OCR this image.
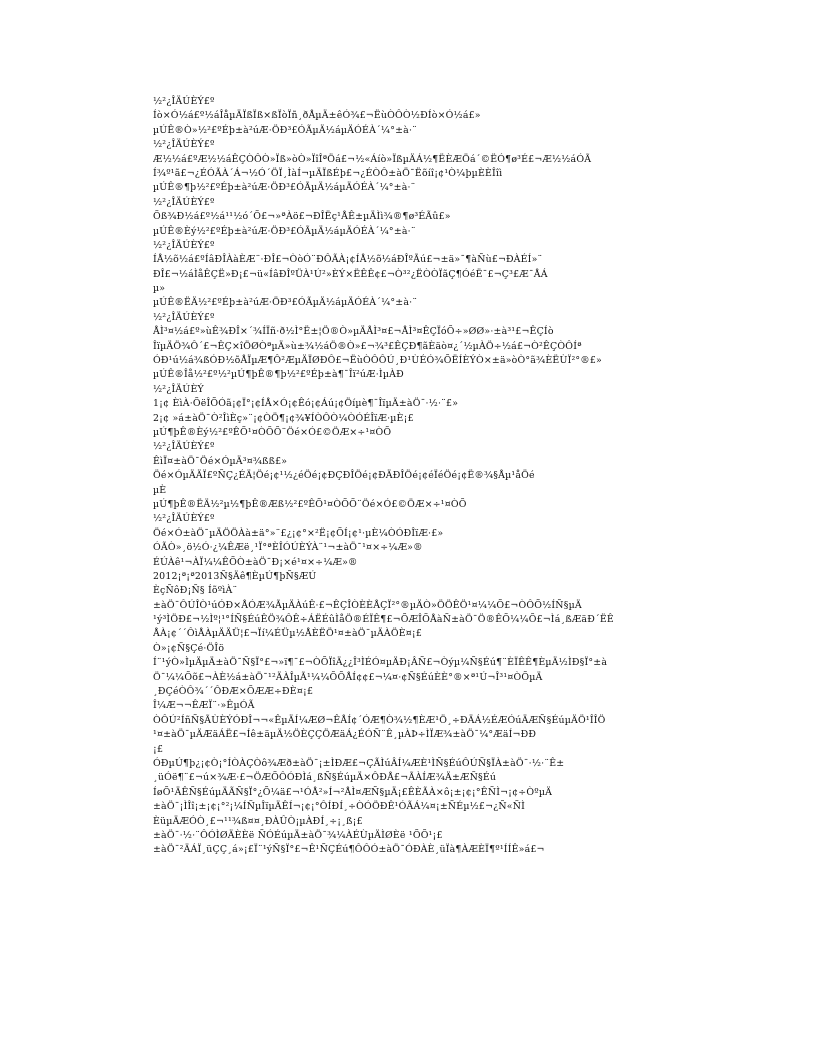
½²¿ÎÄÚÈÝ£º
Íò×Ó½á£º½áÎåµÄÏßÏß×ßÏòÏñ¸ðÅµÄ±êÓ¾£¬ËùÒÔÒ½ÐÍò×Ó½á£»
µÚÊ®Ò»½²£ºÉþ±à²úÆ·ÖÐ³£ÓÃµÄ½áµÄÓÉÀ´¼°±à·¨
½²¿ÎÄÚÈÝ£º
Æ½½á£ºÆ½½áÊÇÒÔÒ»Ïß»òÒ»ÏîÎªÖá£¬½«Áíò»ÏßµÄÁ½¶ËÈÆÖá´©ËÓ¶ø³É£¬Æ½½áÓÃ
Í¾º¹ã£¬¿ÉÓÃÀ´Á¬½Ó´ÖÏ¸ÌàÍ¬µÄÏßÉþ£¬¿ÉÒÔ±àÖ¯Ëõíî¡¢¹Ò¼þµÈÈÎîì
µÚÊ®¶þ½²£ºÉþ±à²úÆ·ÖÐ³£ÓÃµÄ½áµÄÓÉÀ´¼°±à·¨
½²¿ÎÄÚÈÝ£º
Õß¾Ð½á£º½á¹¹½ó´Õ£¬»ªÀö£¬ÐÎËç¹ÅÊ±µÄÌì¾®¶ø³ÉÃû£»
µÚÊ®Èý½²£ºÉþ±à²úÆ·ÖÐ³£ÓÃµÄ½áµÄÓÉÀ´¼°±à·¨
½²¿ÎÄÚÈÝ£º
ÍÅ½õ½á£ºÍâÐÎÀàÈÆ¨·ÐÎ£¬ÒòÓ¨ÐÔÃÀ¡¢ÍÅ½õ½áÐÎºÃú£¬±ä»¯¶àÑù£¬ÐÀÉÍ»¨
ÐÎ£¬½áÌåÊÇË»Ð¡£¬ü«ÍâÐÎºÜÀ¹Ú²»ÈÝ×ËÊÊ¢£¬Ò³²¿ËÒÒÏãÇ¶ÓéË¯£¬Ç³£Æ¯ÅÁ
µ»
µÚÊ®ËÄ½²£ºÉþ±à²úÆ·ÖÐ³£ÓÃµÄ½áµÄÓÉÀ´¼°±à·¨
½²¿ÎÄÚÈÝ£º
ÅÌ³¤½á£º»ùÊ¾ÐÎ×´¾ÍÏñ·ð½Ì°Ë±¦Ö®Ò»µÄÅÌ³¤£¬ÅÌ³¤ÊÇÏóÕ÷»ØØ»·±à³¹£¬ÊÇÍò
ÎïµÄÖ¾Ô´£¬ÊÇ×îÖØÒªµÄ»ù±¾½áÖ®Ò»£¬¾³£ÊÇÐ¶ãÈäò¤¿´½µÀÖ÷½á£¬Ò²ÊÇÒÔÍª
ÓÐ¹ú½á¾ßÓÐ½õÅÏµÆ¶Ô²ÆµÄÏØÐÔ£¬ËùÒÔÔÚ¸Ð¹ÙÉÓ¾ÕËÍÈÝÒ×±ä»òÒ°ã¾ÈËÙÏ²°®£»
µÚÊ®Îå½²£º½²µÚ¶þÊ®¶þ½²£ºÉþ±à¶¯Îï²úÆ·ÌµÀÐ
½²¿ÎÄÚÈÝ
1¡¢ ÈìÀ·ÕëÎÕÓã¡¢Ï°¡¢ÍÅ×Ó¡¢Êó¡¢Áú¡¢Öíµè¶¯ÎïµÄ±àÖ¯·½·¨£»
2¡¢ »á±àÖ¯Ò²ÎìÈç»¨¡¢ÒÖ¶¡¢¾¥ÍÒÔÒ¼ÒÓÉÎïÆ·µÈ¡£
µÚ¶þÊ®Èý½²£ºÊÕ¹¤ÒÕÕ¨Öé×Ó£©ÖÆ×÷¹¤ÒÕ
½²¿ÎÄÚÈÝ£º
ÊìÏ¤±àÖ¯Öé×ÓµÄ³¤¾ßß£»
Öé×ÓµÄÄÏ£ºÑÇ¿ÉÄ¦Öé¡¢¹½¿éÖé¡¢ÐÇÐÎÖé¡¢ÐÄÐÎÖé¡¢éÏéÖé¡¢Ë®¾§Åµ¹åÖé
µÈ
µÚ¶þÊ®ËÄ½²µ½¶þÊ®Æß½²£ºÊÕ¹¤ÒÕÕ¨Öé×Ó£©ÖÆ×÷¹¤ÒÕ
½²¿ÎÄÚÈÝ£º
Öé×Ó±àÖ¯µÄÖÖÀà±ä°»¨£¿¡¢°×²Ë¡¢ÕÍ¡¢¹·µÈ¼ÒÓÐÎïÆ·£»
ÓÃÒ»¸ö½Ó·¿¼ÊÆë¸¹Ï°ªÈÎÓÚÈÝÀ¨¹¬±àÖ¯¹¤×÷¼Æ»®
ÉÚÀê¹¬ÀÏ¼¼ÊÕÒ±àÖ¯Ð¡×é¹¤×÷¼Æ»®
2012¡ª¡ª2013Ñ§Äê¶ÈµÚ¶þÑ§ÆÚ
ÈçÑôÐ¡Ñ§ ÍõºìÀ¨
±àÖ¯ÔÚÎÒ¹úÓÐ×ÅÓÆ¾ÃµÄÀúÊ·£¬ÊÇÎÒÈÈÅÇÏ²°®µÄÒ»ÖÖÊÖ¹¤¼¼Õ£¬ÒÔÕ½ÍÑ§µÄ
¹ý³ÌÖÐ£¬½Ìº¦¹°ÍÑ§ÉúÊÖ¾ÔÊ÷ÁËÉûÌåÖ®ÉÏÊ¶£¬ÕÆÎÕÅàÑ±àÖ¯Ö®ÊÕ¼¼Õ£¬Ìá¸ßÆäÐ´ËÊ
ÅÀ¡¢´´ÔìÅÀµÄÄÜ¦£¬Ïí¼ÉÜµ½ÅÈËÖ¹¤±àÖ¯µÄÀÖÈ¤¡£
Ò»¡¢Ñ§Çé·ÖÎö
Í¨¹ýÒ»ÌµÄµÄ±àÖ¯Ñ§Ï°£¬»ï¶¯£¬ÒÕÏîÄ¿¿Î³ÌÉÓ¤µÄÐ¡ÂÑ£¬Òýµ¼Ñ§Éú¶¨ÈÏÊÊ¶ÈµÄ½ÌÐ§Ï°±à
Ö¯¼¼Õõ£¬ÀÈ½á±àÖ¯¹²ÄÀÎµÃ¹¼¼ÕÕÅÍ¢¢£¬¼¤·¢Ñ§ÉúÈÈ°®×ª¹Ú¬Î³¹¤ÒÕµÄ
¸ÐÇéÒÔ¾´´ÔÐÆ×ÕÆÆ÷ÐÈ¤¡£
Î¼Æ¬¬ÊÆÏ¨·»ÊµÓÃ
ÒÔÚ²ÍñÑ§ÃÙÈÝÓÐÎ¬¬«ÊµÄÍ¼ÆØ¬ÊÅÍ¢´ÓÆ¶Ò¾½¶ÈÆ¹Ö¸÷ÐÄÁ½ÉÆÓúÄÆÑ§ÉúµÄÖ¹ÎÎÖ
¹¤±àÖ¯µÄÆäÁË£¬Íê±äµÄ½ÖÈÇÇÖÆäÁ¿ÉÓÑ¨Ê¸µÀÞ÷ÌÏÆ¾±àÖ¯¼°ÆäÍ¬ÐÐ
¡£
ÓÐµÚ¶þ¿¡¢Ò¡°ÍÒÀÇÒô¾Æð±àÖ¯¡±ÌÐÆ£¬ÇÃÌúÂÍ¼ÆÈ¹ÌÑ§ÉúÔÚÑ§ÏÀ±àÖ¯·½·¨Ê±
¸üÓë¶¨£¬ú×¾Æ·£¬ÖÆÕÔÓÐÌá¸ßÑ§ÉúµÄ×ÔÐÅ£¬ÃÀÍÆ¾Ä±ÆÑ§Éú
ÍøÕ¹ÄÊÑ§ÉúµÄÃÑ§Ï°¿Õ¼ä£¬¹ÓÅ²»Í¬²ÅÌ¤ÆÑ§µÄ¡£ÊÈÃÀ×ô¡±¡¢¡°ÊÑÌ¬¡¢÷ÒºµÄ
±àÖ¯¡ÌÎî¡±¡¢¡°²¡¼ÍÑµÎïµÄÊÍ¬¡¢¡°ÔÍÐÍ¸÷ÒÓÖÐÊ¹ÓÃÁ¼¤¡±ÑÉµ½£¬¿Ñ«ÑÌ
ÈüµÄÆÓÒ¸£¬¹¹¾ß¤¤¸ÐÀÛÒ¡µÀÐÍ¸÷¡¸ß¡£
±àÖ¯·½·¨ÔÓÌØÄÈÈë ÑÓÉúµÄ±àÖ¯¾¼ÀÉÙµÄÌØÈë ¹ÕÕ¹¡£
±àÖ¯²ÄÁÏ¸üÇÇ¸á»¡£Ï¨¹ýÑ§Ï°£¬Ê¹ÑÇÉú¶ÔÔÓ±àÖ¯ÓÐÀÈ¸üÏà¶ÀÆÈÏ¶º¹ÍÍÊ»á£¬
